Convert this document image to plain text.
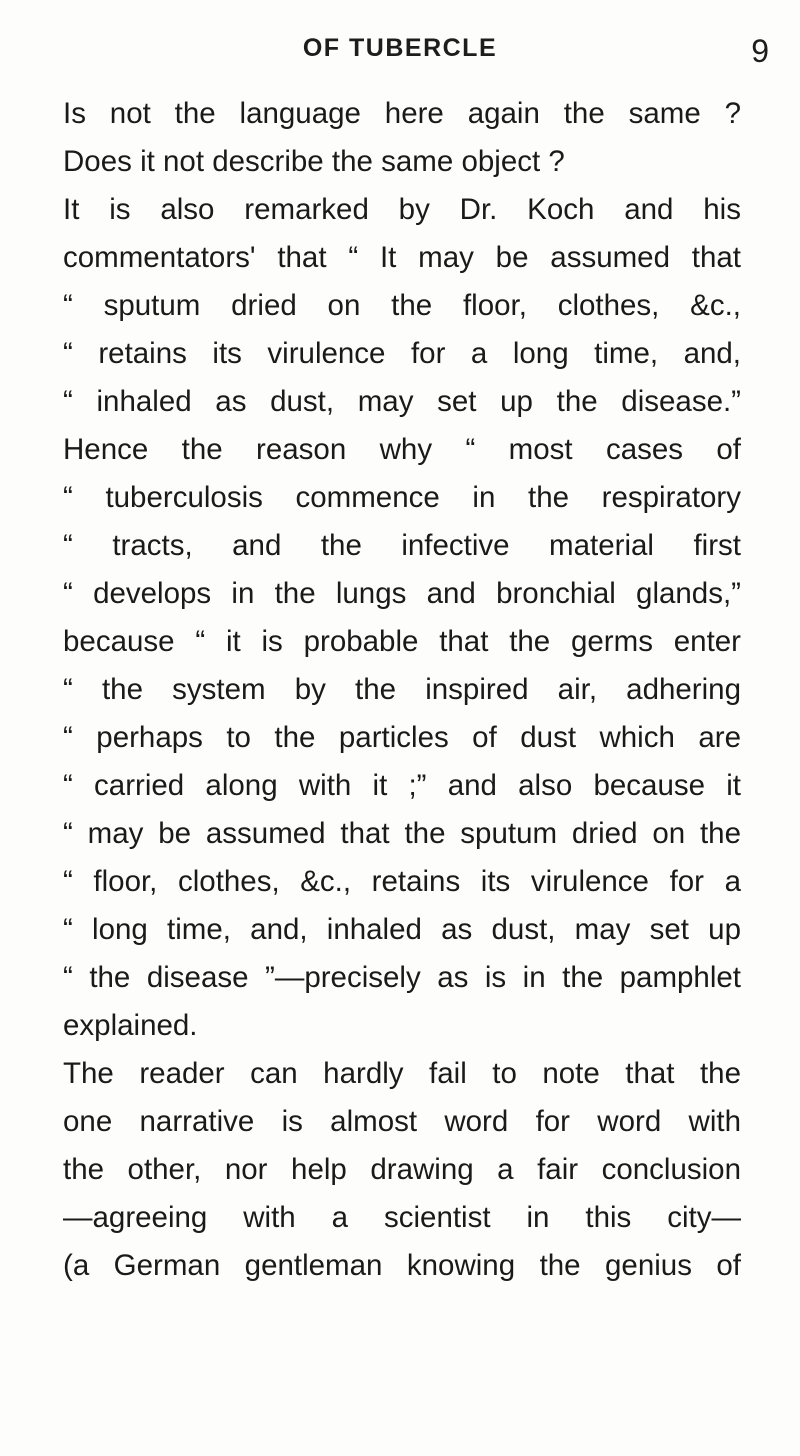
OF TUBERCLE	9
Is not the language here again the same ?
Does it not describe the same object ?
It is also remarked by Dr. Koch and his
commentators' that “ It may be assumed that
“ sputum dried on the floor, clothes, &c.,
“ retains its virulence for a long time, and,
“ inhaled as dust, may set up the disease.”
Hence the reason why “ most cases of
“ tuberculosis commence in the respiratory
“ tracts, and the infective material first
“ develops in the lungs and bronchial glands,”
because “ it is probable that the germs enter
“ the system by the inspired air, adhering
“ perhaps to the particles of dust which are
“ carried along with it ;” and also because it
“ may be assumed that the sputum dried on the
“ floor, clothes, &c., retains its virulence for a
“ long time, and, inhaled as dust, may set up
“ the disease ”—precisely as is in the pamphlet
explained.
The reader can hardly fail to note that the
one narrative is almost word for word with
the other, nor help drawing a fair conclusion
—agreeing with a scientist in this city—
(a German gentleman knowing the genius of
